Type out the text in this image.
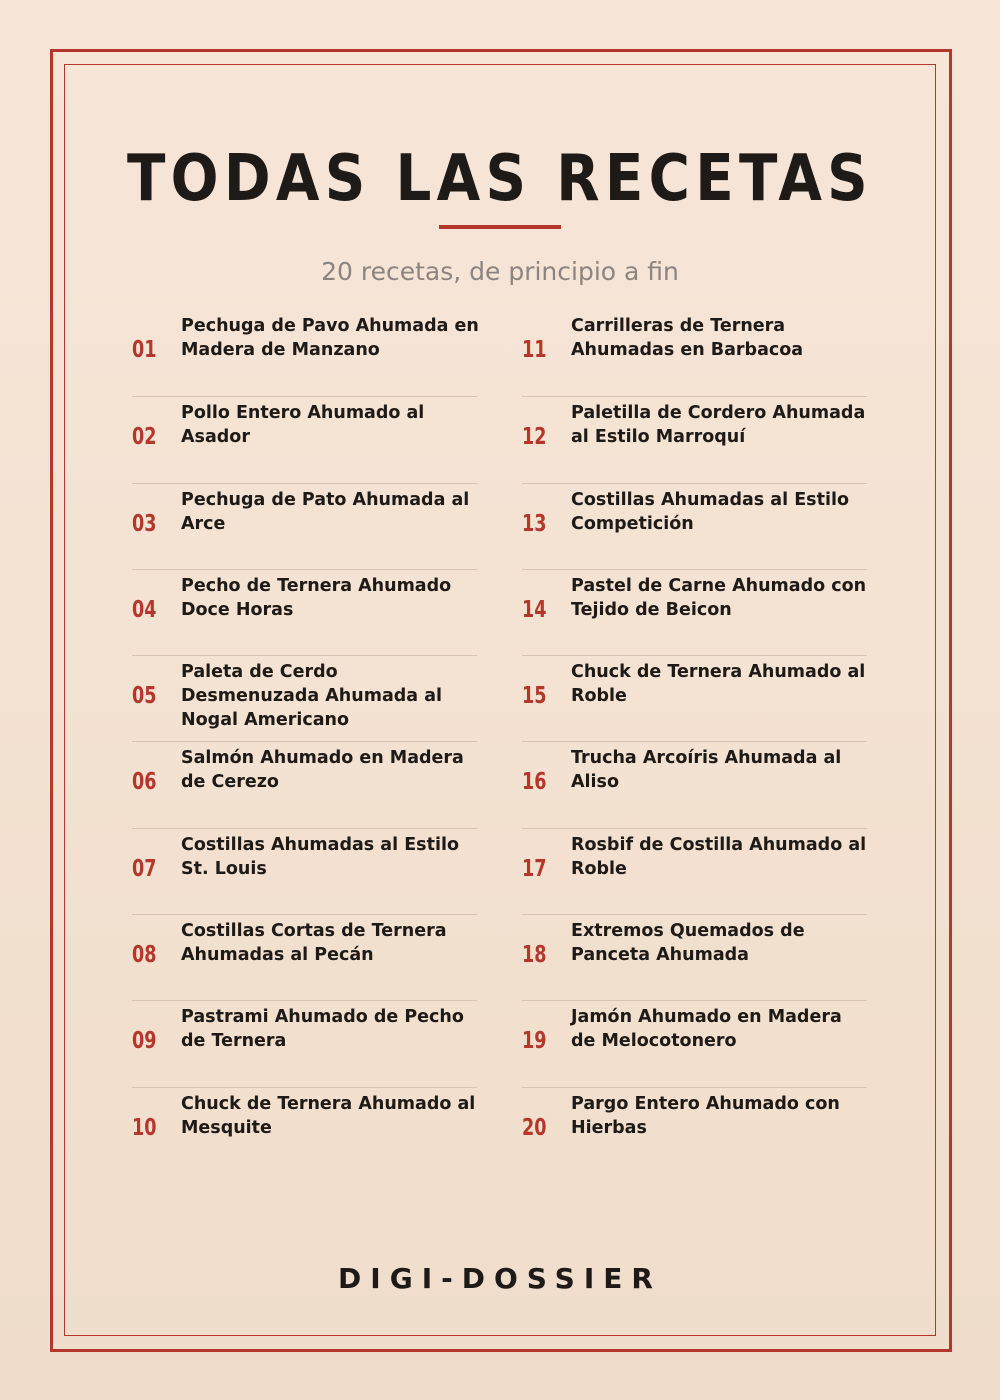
TODAS LAS RECETAS
20 recetas, de principio a fin
01
Pechuga de Pavo Ahumada en Madera de Manzano
02
Pollo Entero Ahumado al Asador
03
Pechuga de Pato Ahumada al Arce
04
Pecho de Ternera Ahumado Doce Horas
05
Paleta de Cerdo Desmenuzada Ahumada al Nogal Americano
06
Salmón Ahumado en Madera de Cerezo
07
Costillas Ahumadas al Estilo St. Louis
08
Costillas Cortas de Ternera Ahumadas al Pecán
09
Pastrami Ahumado de Pecho de Ternera
10
Chuck de Ternera Ahumado al Mesquite
11
Carrilleras de Ternera Ahumadas en Barbacoa
12
Paletilla de Cordero Ahumada al Estilo Marroquí
13
Costillas Ahumadas al Estilo Competición
14
Pastel de Carne Ahumado con Tejido de Beicon
15
Chuck de Ternera Ahumado al Roble
16
Trucha Arcoíris Ahumada al Aliso
17
Rosbif de Costilla Ahumado al Roble
18
Extremos Quemados de Panceta Ahumada
19
Jamón Ahumado en Madera de Melocotonero
20
Pargo Entero Ahumado con Hierbas
DIGI-DOSSIER
